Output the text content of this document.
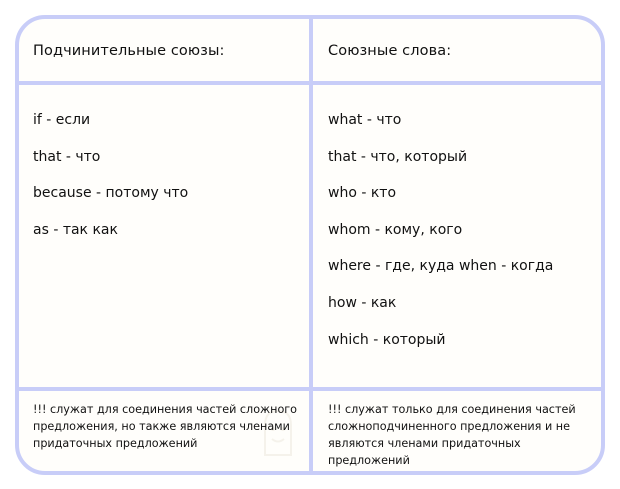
Подчинительные союзы:	Союзные слова:
if - если
that - что
because - потому что
as - так как
what - что
that - что, который
who - кто
whom - кому, кого
where - где, куда when - когда
how - как
which - который
!!! служат для соединения частей сложного предложения, но также являются членами придаточных предложений
!!! служат только для соединения частей сложноподчиненного предложения и не являются членами придаточных предложений
